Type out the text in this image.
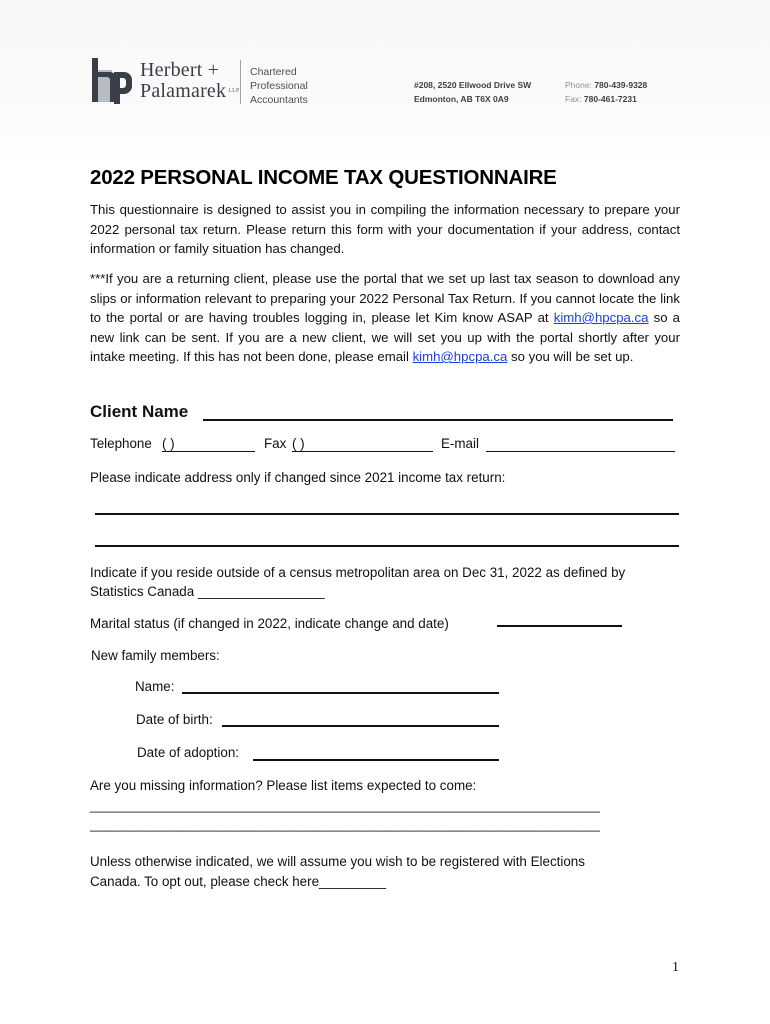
Herbert +
Palamarek $^{LLP}$
Chartered
Professional
Accountants
#208, 2520 Ellwood Drive SW
Edmonton, AB T6X 0A9
Phone: 780-439-9328
Fax: 780-461-7231
2022 PERSONAL INCOME TAX QUESTIONNAIRE
This questionnaire is designed to assist you in compiling the information necessary to prepare your 2022 personal tax return. Please return this form with your documentation if your address, contact information or family situation has changed.
***If you are a returning client, please use the portal that we set up last tax season to download any slips or information relevant to preparing your 2022 Personal Tax Return. If you cannot locate the link to the portal or are having troubles logging in, please let Kim know ASAP at kimh@hpcpa.ca so a new link can be sent. If you are a new client, we will set you up with the portal shortly after your intake meeting. If this has not been done, please email kimh@hpcpa.ca so you will be set up.
Client Name
Telephone ( )	Fax ( )	E-mail
Please indicate address only if changed since 2021 income tax return:
Indicate if you reside outside of a census metropolitan area on Dec 31, 2022 as defined by
Statistics Canada _________________
Marital status (if changed in 2022, indicate change and date)
New family members:
Name:
Date of birth:
Date of adoption:
Are you missing information? Please list items expected to come:
_______________________________________________________________________
_______________________________________________________________________
Unless otherwise indicated, we will assume you wish to be registered with Elections
Canada. To opt out, please check here_________
1
